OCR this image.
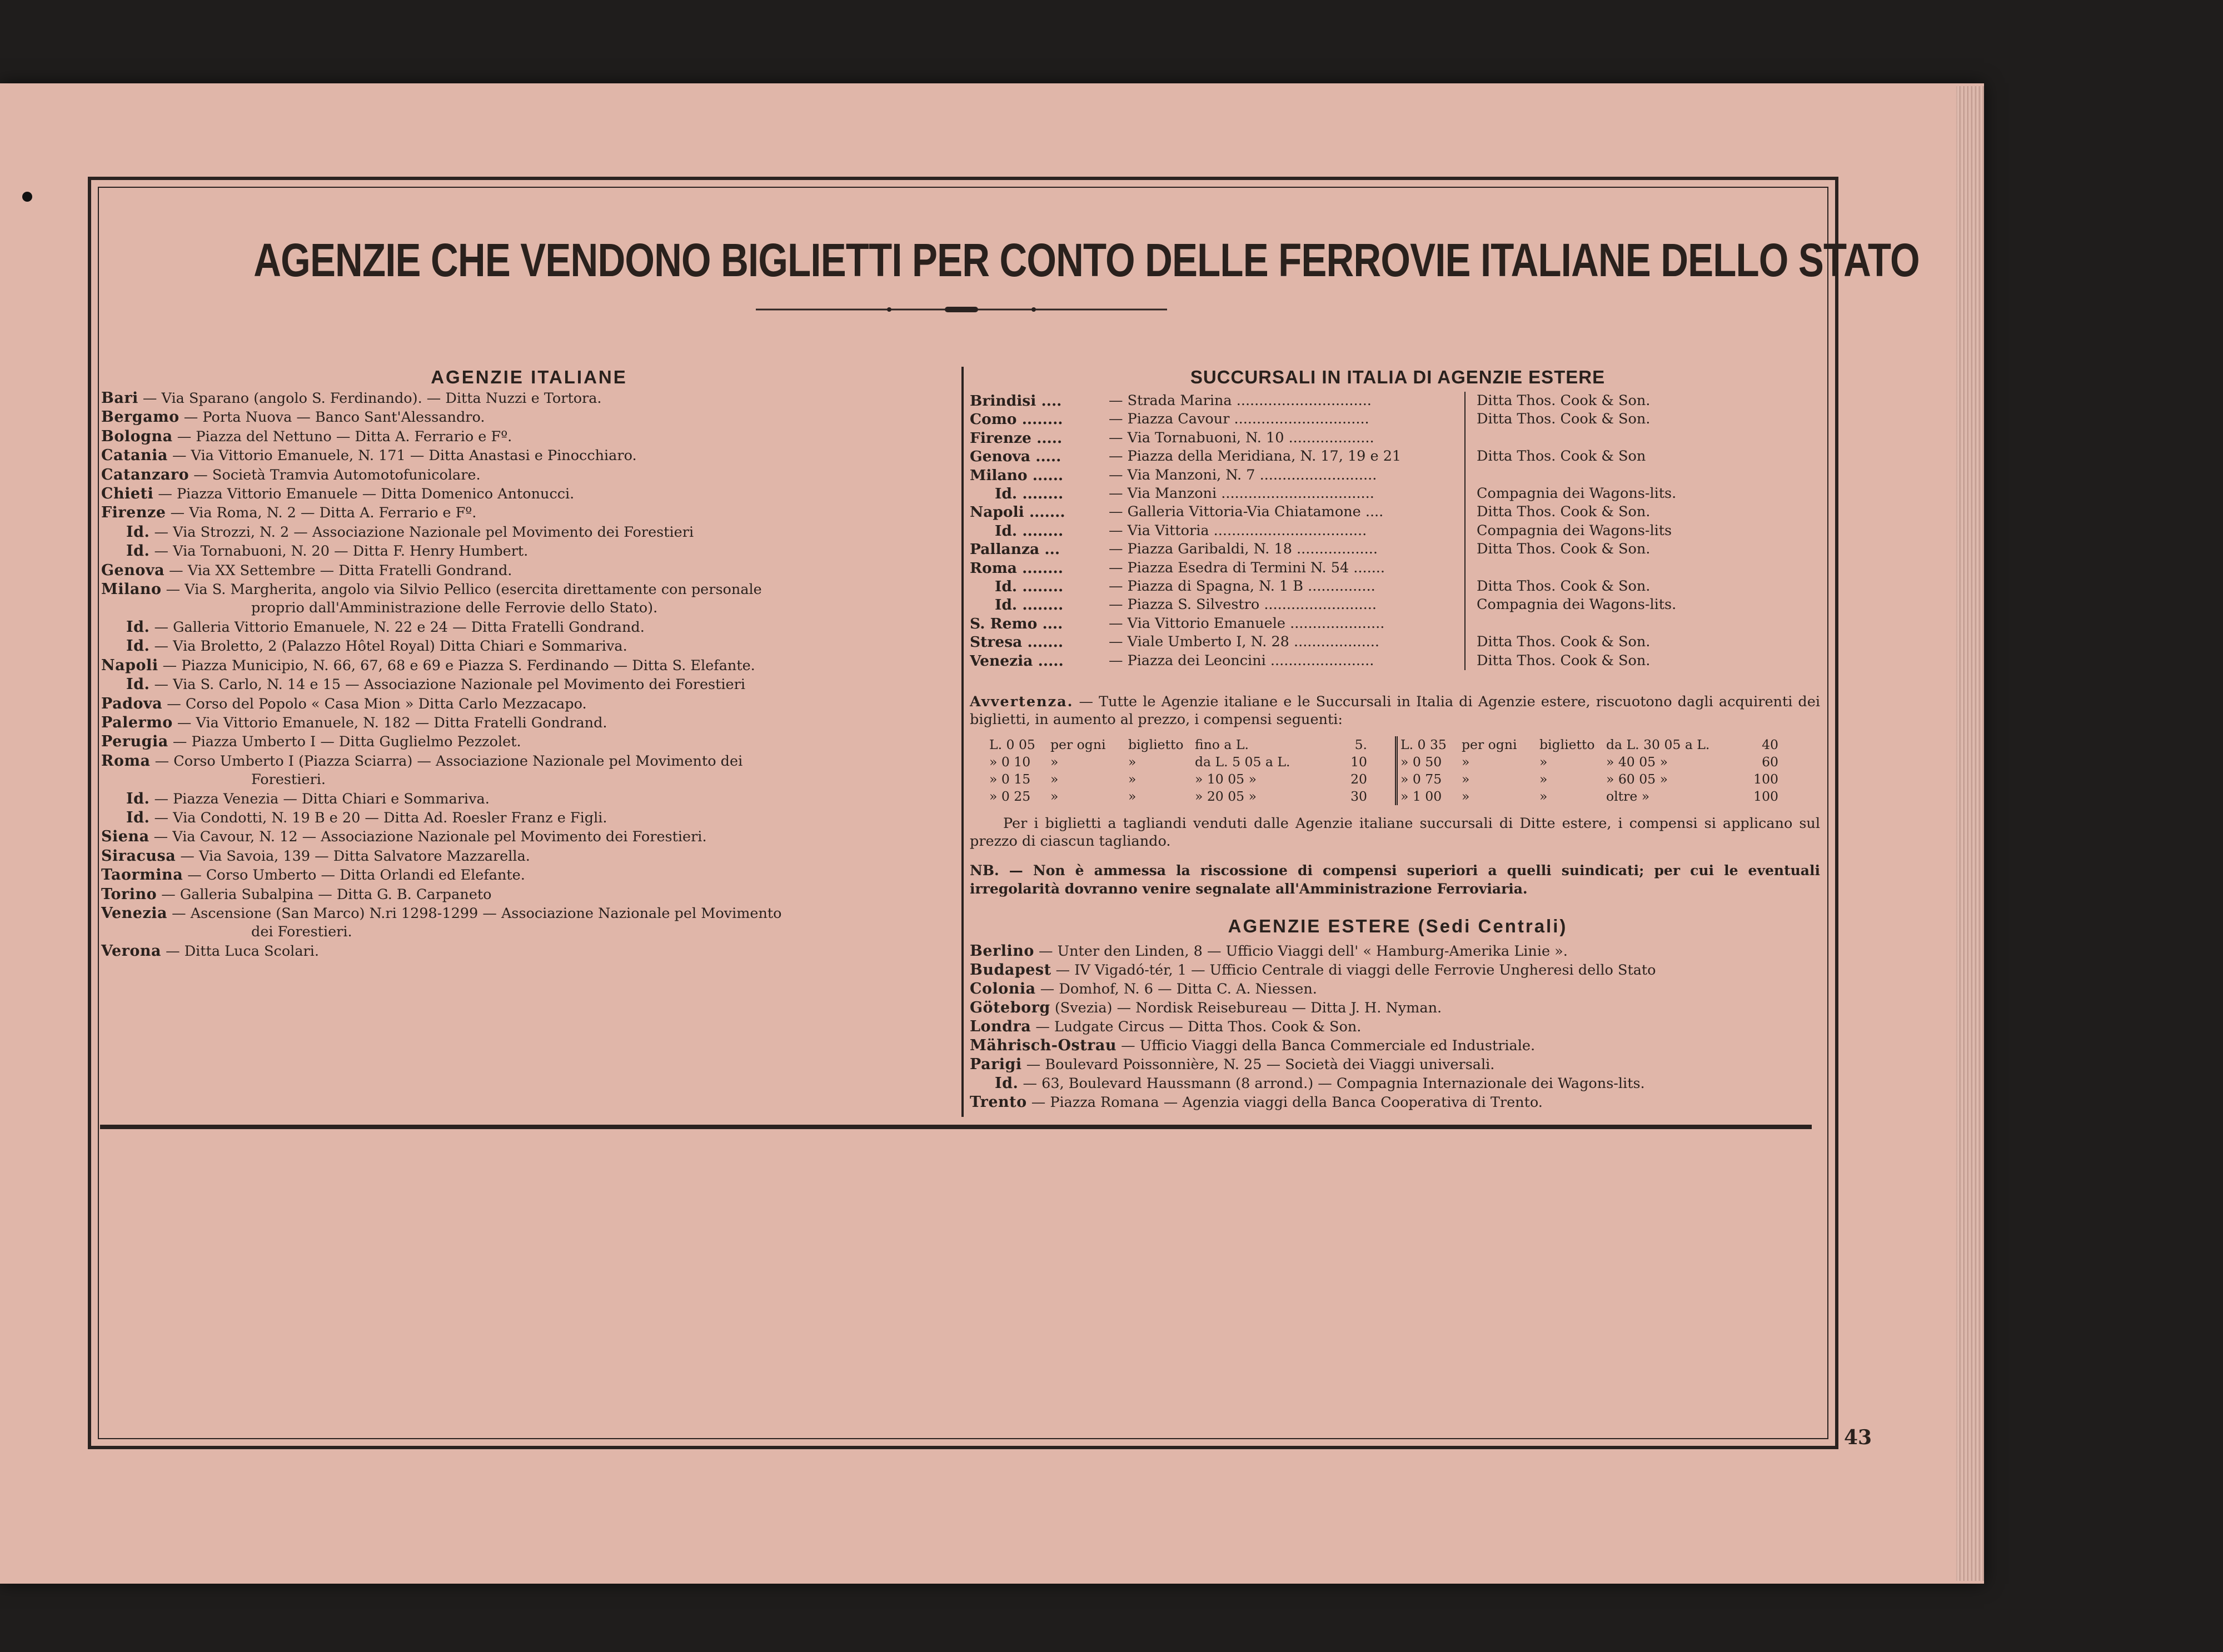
AGENZIE CHE VENDONO BIGLIETTI PER CONTO DELLE FERROVIE ITALIANE DELLO STATO
AGENZIE ITALIANE
Bari — Via Sparano (angolo S. Ferdinando). — Ditta Nuzzi e Tortora.
Bergamo — Porta Nuova — Banco Sant'Alessandro.
Bologna — Piazza del Nettuno — Ditta A. Ferrario e Fº.
Catania — Via Vittorio Emanuele, N. 171 — Ditta Anastasi e Pinocchiaro.
Catanzaro — Società Tramvia Automotofunicolare.
Chieti — Piazza Vittorio Emanuele — Ditta Domenico Antonucci.
Firenze — Via Roma, N. 2 — Ditta A. Ferrario e Fº.
Id. — Via Strozzi, N. 2 — Associazione Nazionale pel Movimento dei Forestieri
Id. — Via Tornabuoni, N. 20 — Ditta F. Henry Humbert.
Genova — Via XX Settembre — Ditta Fratelli Gondrand.
Milano — Via S. Margherita, angolo via Silvio Pellico (esercita direttamente con personale
proprio dall'Amministrazione delle Ferrovie dello Stato).
Id. — Galleria Vittorio Emanuele, N. 22 e 24 — Ditta Fratelli Gondrand.
Id. — Via Broletto, 2 (Palazzo Hôtel Royal) Ditta Chiari e Sommariva.
Napoli — Piazza Municipio, N. 66, 67, 68 e 69 e Piazza S. Ferdinando — Ditta S. Elefante.
Id. — Via S. Carlo, N. 14 e 15 — Associazione Nazionale pel Movimento dei Forestieri
Padova — Corso del Popolo « Casa Mion » Ditta Carlo Mezzacapo.
Palermo — Via Vittorio Emanuele, N. 182 — Ditta Fratelli Gondrand.
Perugia — Piazza Umberto I — Ditta Guglielmo Pezzolet.
Roma — Corso Umberto I (Piazza Sciarra) — Associazione Nazionale pel Movimento dei
Forestieri.
Id. — Piazza Venezia — Ditta Chiari e Sommariva.
Id. — Via Condotti, N. 19 B e 20 — Ditta Ad. Roesler Franz e Figli.
Siena — Via Cavour, N. 12 — Associazione Nazionale pel Movimento dei Forestieri.
Siracusa — Via Savoia, 139 — Ditta Salvatore Mazzarella.
Taormina — Corso Umberto — Ditta Orlandi ed Elefante.
Torino — Galleria Subalpina — Ditta G. B. Carpaneto
Venezia — Ascensione (San Marco) N.ri 1298-1299 — Associazione Nazionale pel Movimento
dei Forestieri.
Verona — Ditta Luca Scolari.
SUCCURSALI IN ITALIA DI AGENZIE ESTERE
Brindisi ....	— Strada Marina ..............................	Ditta Thos. Cook & Son.
Como ........	— Piazza Cavour ..............................	Ditta Thos. Cook & Son.
Firenze .....	— Via Tornabuoni, N. 10 ...................
Genova .....	— Piazza della Meridiana, N. 17, 19 e 21	Ditta Thos. Cook & Son
Milano ......	— Via Manzoni, N. 7 ..........................
Id. ........	— Via Manzoni ..................................	Compagnia dei Wagons-lits.
Napoli .......	— Galleria Vittoria-Via Chiatamone ....	Ditta Thos. Cook & Son.
Id. ........	— Via Vittoria ..................................	Compagnia dei Wagons-lits
Pallanza ...	— Piazza Garibaldi, N. 18 ..................	Ditta Thos. Cook & Son.
Roma ........	— Piazza Esedra di Termini N. 54 .......
Id. ........	— Piazza di Spagna, N. 1 B ...............	Ditta Thos. Cook & Son.
Id. ........	— Piazza S. Silvestro .........................	Compagnia dei Wagons-lits.
S. Remo ....	— Via Vittorio Emanuele .....................
Stresa .......	— Viale Umberto I, N. 28 ...................	Ditta Thos. Cook & Son.
Venezia .....	— Piazza dei Leoncini .......................	Ditta Thos. Cook & Son.
Avvertenza. — Tutte le Agenzie italiane e le Succursali in Italia di Agenzie estere, riscuotono dagli acquirenti dei biglietti, in aumento al prezzo, i compensi seguenti:
L. 0 05	per ogni	biglietto fino a L.	5.
» 0 10	»	»	da L. 5 05 a L.	10
» 0 15	»	»	» 10 05 »	20
» 0 25	»	»	» 20 05 »	30
L. 0 35	per ogni	biglietto da L. 30 05 a L.	40
» 0 50	»	»	» 40 05 »	60
» 0 75	»	»	» 60 05 »	100
» 1 00	»	»	oltre »	100
Per i biglietti a tagliandi venduti dalle Agenzie italiane succursali di Ditte estere, i compensi si applicano sul prezzo di ciascun tagliando.
NB. — Non è ammessa la riscossione di compensi superiori a quelli suindicati; per cui le eventuali irregolarità dovranno venire segnalate all'Amministrazione Ferroviaria.
AGENZIE ESTERE (Sedi Centrali)
Berlino — Unter den Linden, 8 — Ufficio Viaggi dell' « Hamburg-Amerika Linie ».
Budapest — IV Vigadó-tér, 1 — Ufficio Centrale di viaggi delle Ferrovie Ungheresi dello Stato
Colonia — Domhof, N. 6 — Ditta C. A. Niessen.
Göteborg (Svezia) — Nordisk Reisebureau — Ditta J. H. Nyman.
Londra — Ludgate Circus — Ditta Thos. Cook & Son.
Mährisch-Ostrau — Ufficio Viaggi della Banca Commerciale ed Industriale.
Parigi — Boulevard Poissonnière, N. 25 — Società dei Viaggi universali.
Id. — 63, Boulevard Haussmann (8 arrond.) — Compagnia Internazionale dei Wagons-lits.
Trento — Piazza Romana — Agenzia viaggi della Banca Cooperativa di Trento.
43
